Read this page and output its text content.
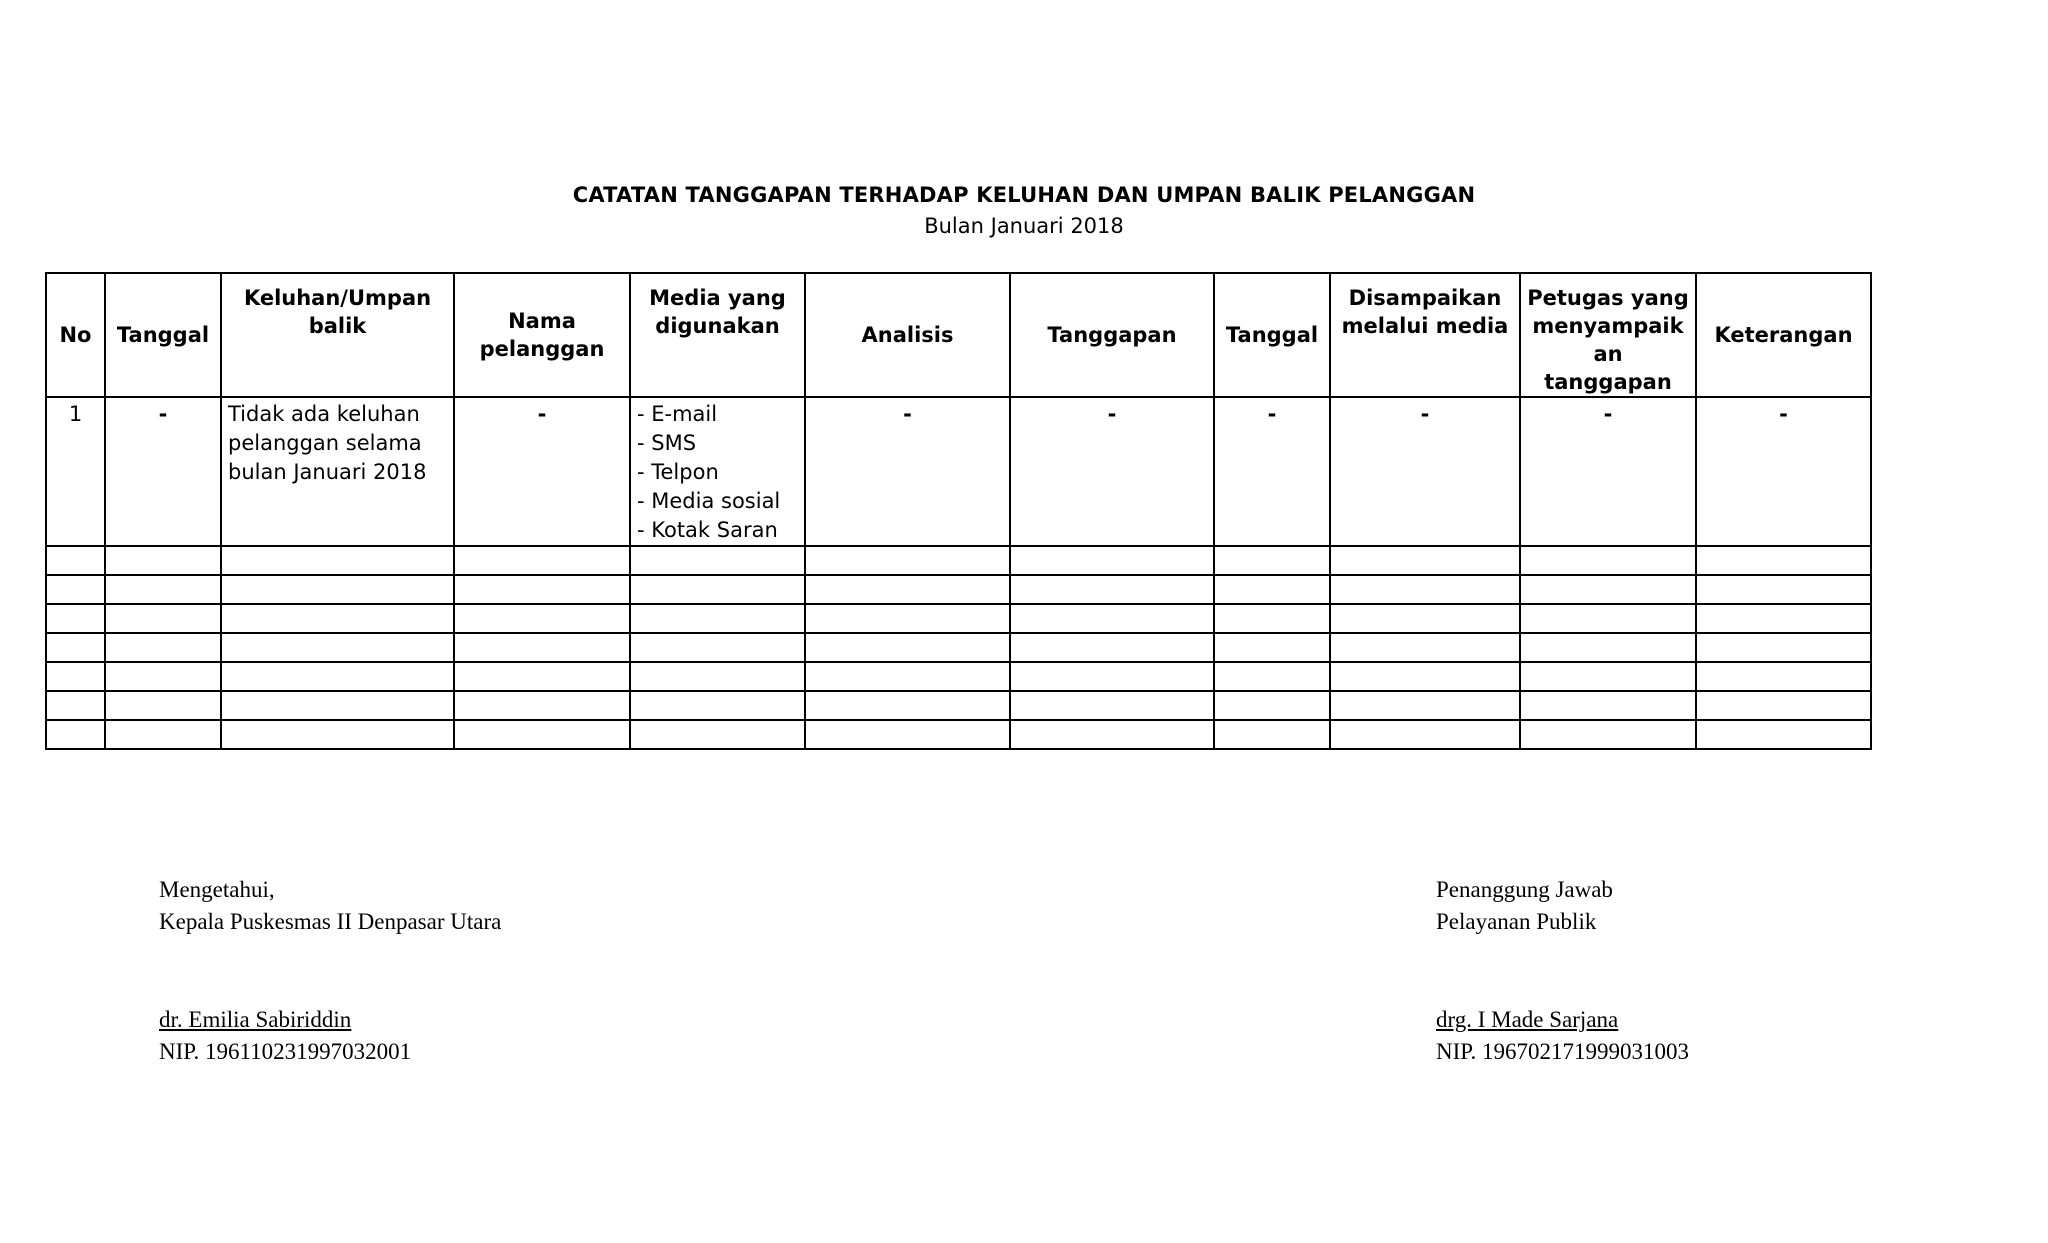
CATATAN TANGGAPAN TERHADAP KELUHAN DAN UMPAN BALIK PELANGGAN
Bulan Januari 2018
No	Tanggal	Keluhan/Umpan balik	Nama pelanggan	Media yang digunakan	Analisis	Tanggapan	Tanggal	Disampaikan melalui media	Petugas yang menyampaik an tanggapan	Keterangan
1	-	Tidak ada keluhan pelanggan selama bulan Januari 2018	-	- E-mail
- SMS
- Telpon
- Media sosial
- Kotak Saran	-	-	-	-	-	-

Mengetahui,
Kepala Puskesmas II Denpasar Utara
dr. Emilia Sabiriddin
NIP. 196110231997032001
Penanggung Jawab
Pelayanan Publik
drg. I Made Sarjana
NIP. 196702171999031003
